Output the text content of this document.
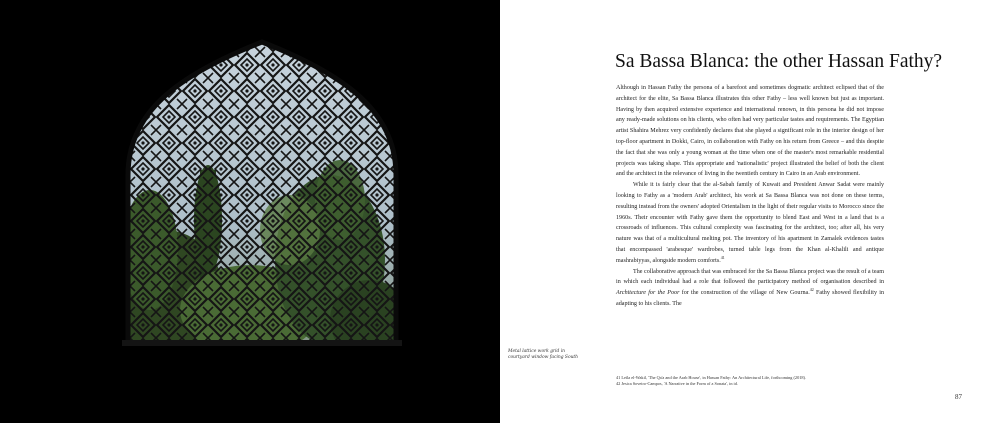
Metal lattice work grid in
courtyard window facing South
Sa Bassa Blanca: the other Hassan Fathy?

Although in Hassan Fathy the persona of a barefoot and sometimes dogmatic architect eclipsed that of the architect for the elite, Sa Bassa Blanca illustrates this other Fathy – less well known but just as important. Having by then acquired extensive experience and international renown, in this persona he did not impose any ready-made solutions on his clients, who often had very particular tastes and requirements. The Egyptian artist Shahira Mehrez very confidently declares that she played a significant role in the interior design of her top-floor apartment in Dokki, Cairo, in collaboration with Fathy on his return from Greece – and this despite the fact that she was only a young woman at the time when one of the master's most remarkable residential projects was taking shape. This appropriate and 'nationalistic' project illustrated the belief of both the client and the architect in the relevance of living in the twentieth century in Cairo in an Arab environment.

While it is fairly clear that the al-Sabah family of Kuwait and President Anwar Sadat were mainly looking to Fathy as a 'modern Arab' architect, his work at Sa Bassa Blanca was not done on these terms, resulting instead from the owners' adopted Orientalism in the light of their regular visits to Morocco since the 1960s. Their encounter with Fathy gave them the opportunity to blend East and West in a land that is a crossroads of influences. This cultural complexity was fascinating for the architect, too; after all, his very nature was that of a multicultural melting pot. The inventory of his apartment in Zamalek evidences tastes that encompassed 'arabesque' wardrobes, turned table legs from the Khan al-Khalili and antique mashrabiyyas, alongside modern comforts.$^{41}$

The collaborative approach that was embraced for the Sa Bassa Blanca project was the result of a team in which each individual had a role that followed the participatory method of organisation described in Architecture for the Poor for the construction of the village of New Gourna.$^{42}$ Fathy showed flexibility in adapting to his clients. The

41 Leïla el-Wakil, 'The Qa'a and the Arab House', in Hassan Fathy: An Architectural Life, forthcoming (2018).

42 Jesica Soveiro-Campos, 'A Narrative in the Form of a Sonata', in id.

87
